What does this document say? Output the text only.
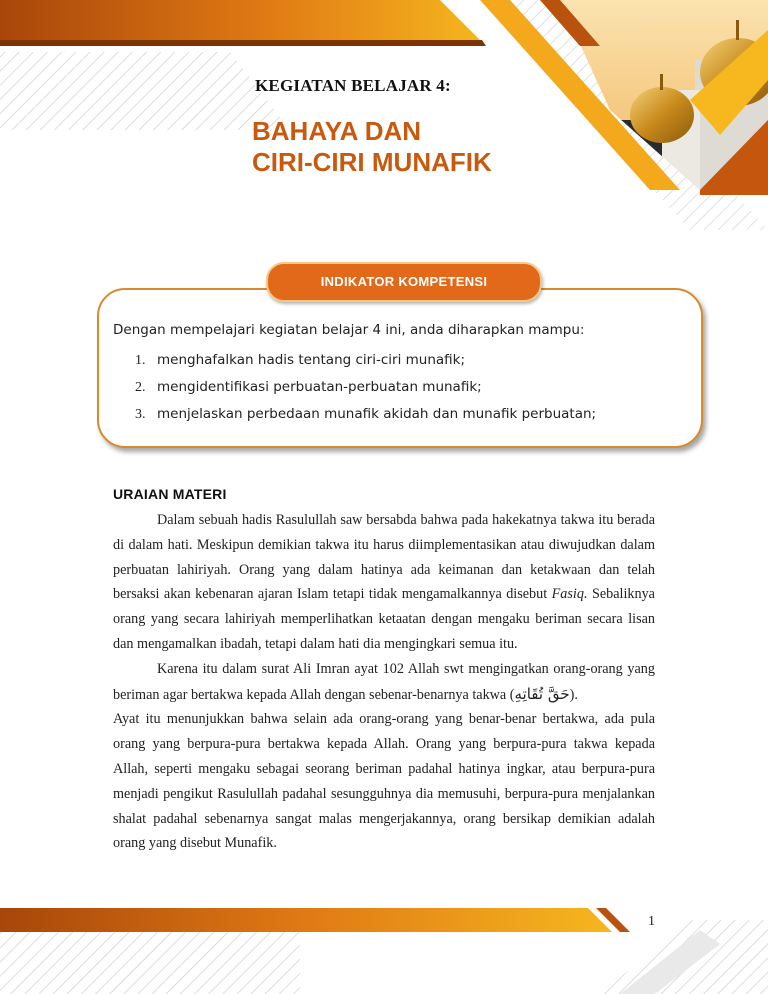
KEGIATAN BELAJAR 4:
BAHAYA DAN
CIRI-CIRI MUNAFIK
INDIKATOR KOMPETENSI
Dengan mempelajari kegiatan belajar 4 ini, anda diharapkan mampu:
1. menghafalkan hadis tentang ciri-ciri munafik;
2. mengidentifikasi perbuatan-perbuatan munafik;
3. menjelaskan perbedaan munafik akidah dan munafik perbuatan;
URAIAN MATERI

Dalam sebuah hadis Rasulullah saw bersabda bahwa pada hakekatnya takwa itu berada di dalam hati. Meskipun demikian takwa itu harus diimplementasikan atau diwujudkan dalam perbuatan lahiriyah. Orang yang dalam hatinya ada keimanan dan ketakwaan dan telah bersaksi akan kebenaran ajaran Islam tetapi tidak mengamalkannya disebut Fasiq. Sebaliknya orang yang secara lahiriyah memperlihatkan ketaatan dengan mengaku beriman secara lisan dan mengamalkan ibadah, tetapi dalam hati dia mengingkari semua itu.

Karena itu dalam surat Ali Imran ayat 102 Allah swt mengingatkan orang-orang yang beriman agar bertakwa kepada Allah dengan sebenar-benarnya takwa (حَقَّ تُقَاتِهِ).

Ayat itu menunjukkan bahwa selain ada orang-orang yang benar-benar bertakwa, ada pula orang yang berpura-pura bertakwa kepada Allah. Orang yang berpura-pura takwa kepada Allah, seperti mengaku sebagai seorang beriman padahal hatinya ingkar, atau berpura-pura menjadi pengikut Rasulullah padahal sesungguhnya dia memusuhi, berpura-pura menjalankan shalat padahal sebenarnya sangat malas mengerjakannya, orang bersikap demikian adalah orang yang disebut Munafik.

1
